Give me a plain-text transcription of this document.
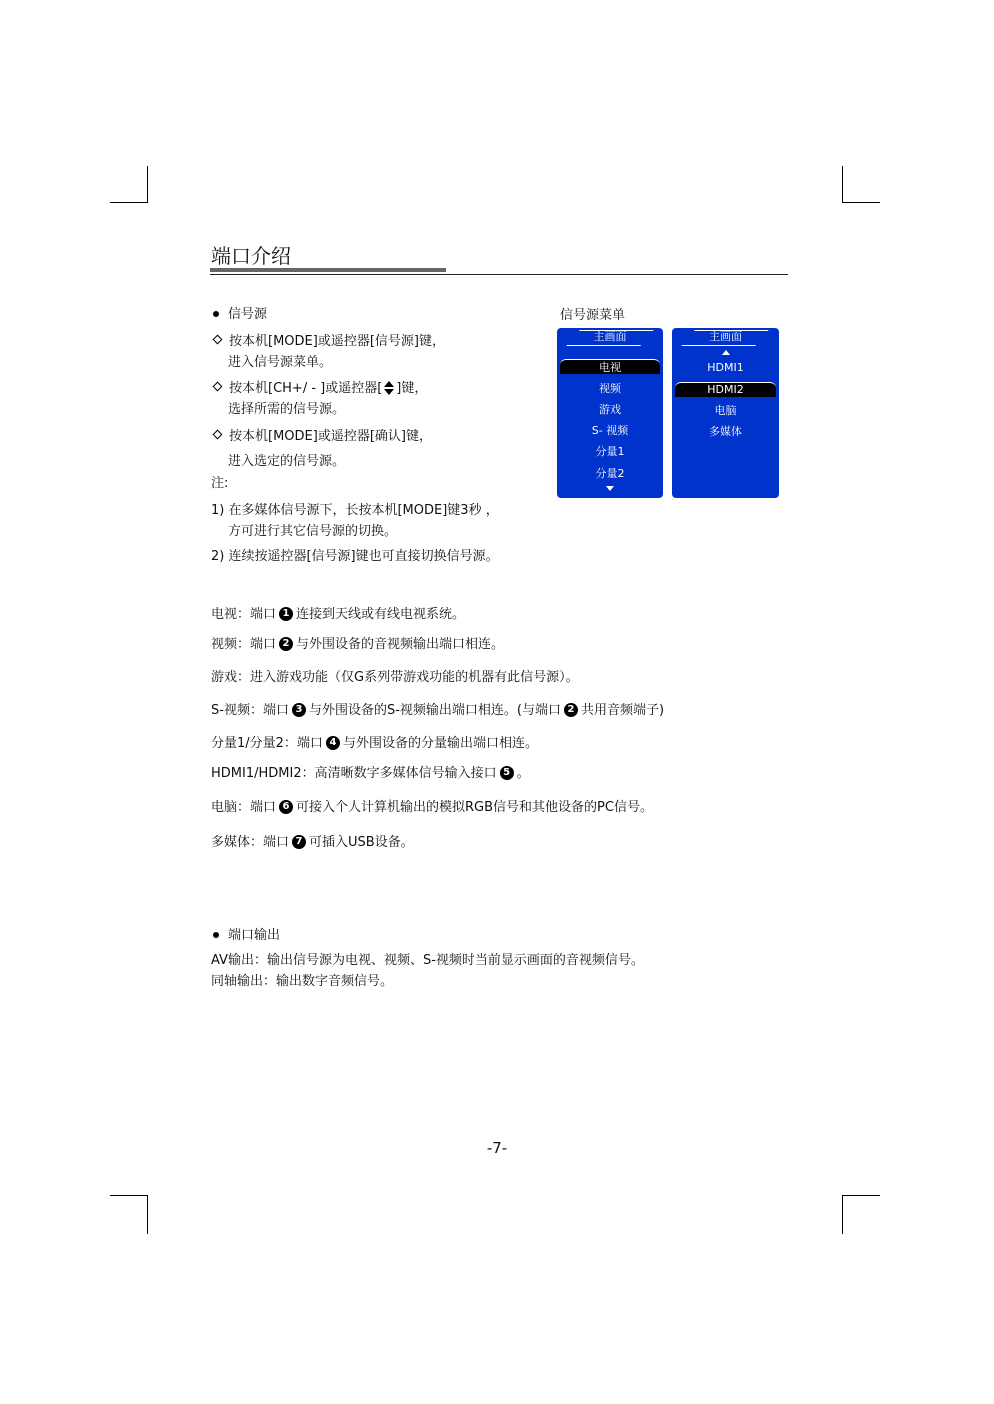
端口介绍
信号源
按本机[MODE]或遥控器[信号源]键，
进入信号源菜单。
按本机[CH+/ - ]或遥控器[ ]键，
选择所需的信号源。
按本机[MODE]或遥控器[确认]键，
进入选定的信号源。
注:
1) 在多媒体信号源下，长按本机[MODE]键3秒 ，
方可进行其它信号源的切换。
2) 连续按遥控器[信号源]键也可直接切换信号源。
信号源菜单
主画面
电视
视频
游戏
S- 视频
分量1
分量2
主画面
HDMI1
HDMI2
电脑
多媒体
电视：端口 1 连接到天线或有线电视系统。
视频：端口 2 与外围设备的音视频输出端口相连。
游戏：进入游戏功能（仅G系列带游戏功能的机器有此信号源）。
S-视频：端口 3 与外围设备的S-视频输出端口相连。(与端口 2 共用音频端子)
分量1/分量2：端口 4 与外围设备的分量输出端口相连。
HDMI1/HDMI2：高清晰数字多媒体信号输入接口 5 。
电脑：端口 6 可接入个人计算机输出的模拟RGB信号和其他设备的PC信号。
多媒体：端口 7 可插入USB设备。
端口输出
AV输出：输出信号源为电视、视频、S-视频时当前显示画面的音视频信号。
同轴输出：输出数字音频信号。
-7-
